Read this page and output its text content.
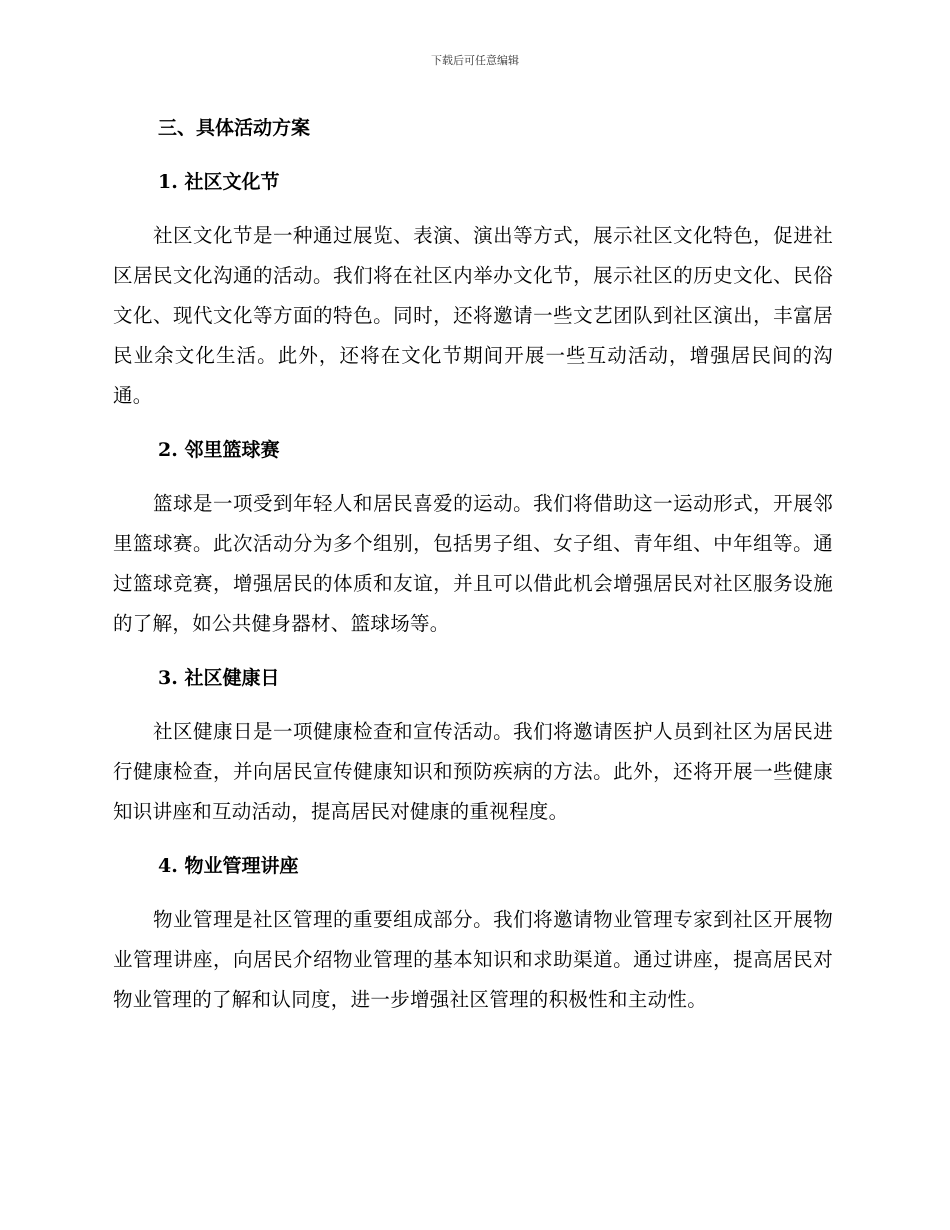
下载后可任意编辑
三、具体活动方案
1. 社区文化节

社区文化节是一种通过展览、表演、演出等方式，展示社区文化特色，促进社区居民文化沟通的活动。我们将在社区内举办文化节，展示社区的历史文化、民俗文化、现代文化等方面的特色。同时，还将邀请一些文艺团队到社区演出，丰富居民业余文化生活。此外，还将在文化节期间开展一些互动活动，增强居民间的沟通。

2. 邻里篮球赛

篮球是一项受到年轻人和居民喜爱的运动。我们将借助这一运动形式，开展邻里篮球赛。此次活动分为多个组别，包括男子组、女子组、青年组、中年组等。通过篮球竞赛，增强居民的体质和友谊，并且可以借此机会增强居民对社区服务设施的了解，如公共健身器材、篮球场等。

3. 社区健康日

社区健康日是一项健康检查和宣传活动。我们将邀请医护人员到社区为居民进行健康检查，并向居民宣传健康知识和预防疾病的方法。此外，还将开展一些健康知识讲座和互动活动，提高居民对健康的重视程度。

4. 物业管理讲座

物业管理是社区管理的重要组成部分。我们将邀请物业管理专家到社区开展物业管理讲座，向居民介绍物业管理的基本知识和求助渠道。通过讲座，提高居民对物业管理的了解和认同度，进一步增强社区管理的积极性和主动性。
